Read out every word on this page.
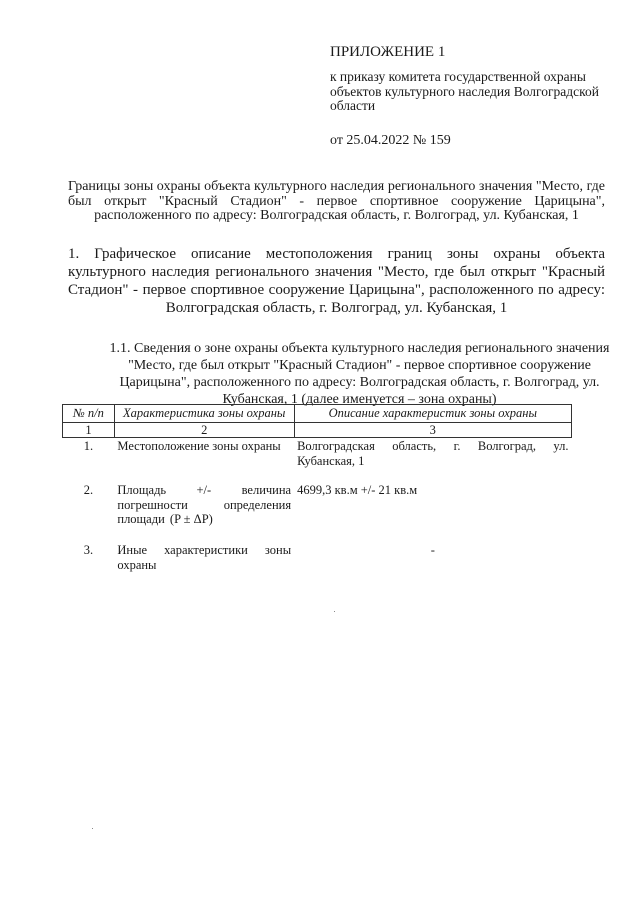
ПРИЛОЖЕНИЕ 1
к приказу комитета государственной охраны объектов культурного наследия Волгоградской области
от 25.04.2022 № 159
Границы зоны охраны объекта культурного наследия регионального значения "Место, где был открыт "Красный Стадион" - первое спортивное сооружение Царицына", расположенного по адресу: Волгоградская область, г. Волгоград, ул. Кубанская, 1
1. Графическое описание местоположения границ зоны охраны объекта культурного наследия регионального значения "Место, где был открыт "Красный Стадион" - первое спортивное сооружение Царицына", расположенного по адресу: Волгоградская область, г. Волгоград, ул. Кубанская, 1
1.1. Сведения о зоне охраны объекта культурного наследия регионального значения "Место, где был открыт "Красный Стадион" - первое спортивное сооружение Царицына", расположенного по адресу: Волгоградская область, г. Волгоград, ул. Кубанская, 1 (далее именуется – зона охраны)
№ п/п	Характеристика зоны охраны	Описание характеристик зоны охраны
1	2	3
1.	Местоположение зоны охраны	Волгоградская область, г. Волгоград, ул. Кубанская, 1
2.	Площадь +/- величина погрешности определения площади (P ± ΔP)	4699,3 кв.м +/- 21 кв.м
3.	Иные характеристики зоны охраны	-
